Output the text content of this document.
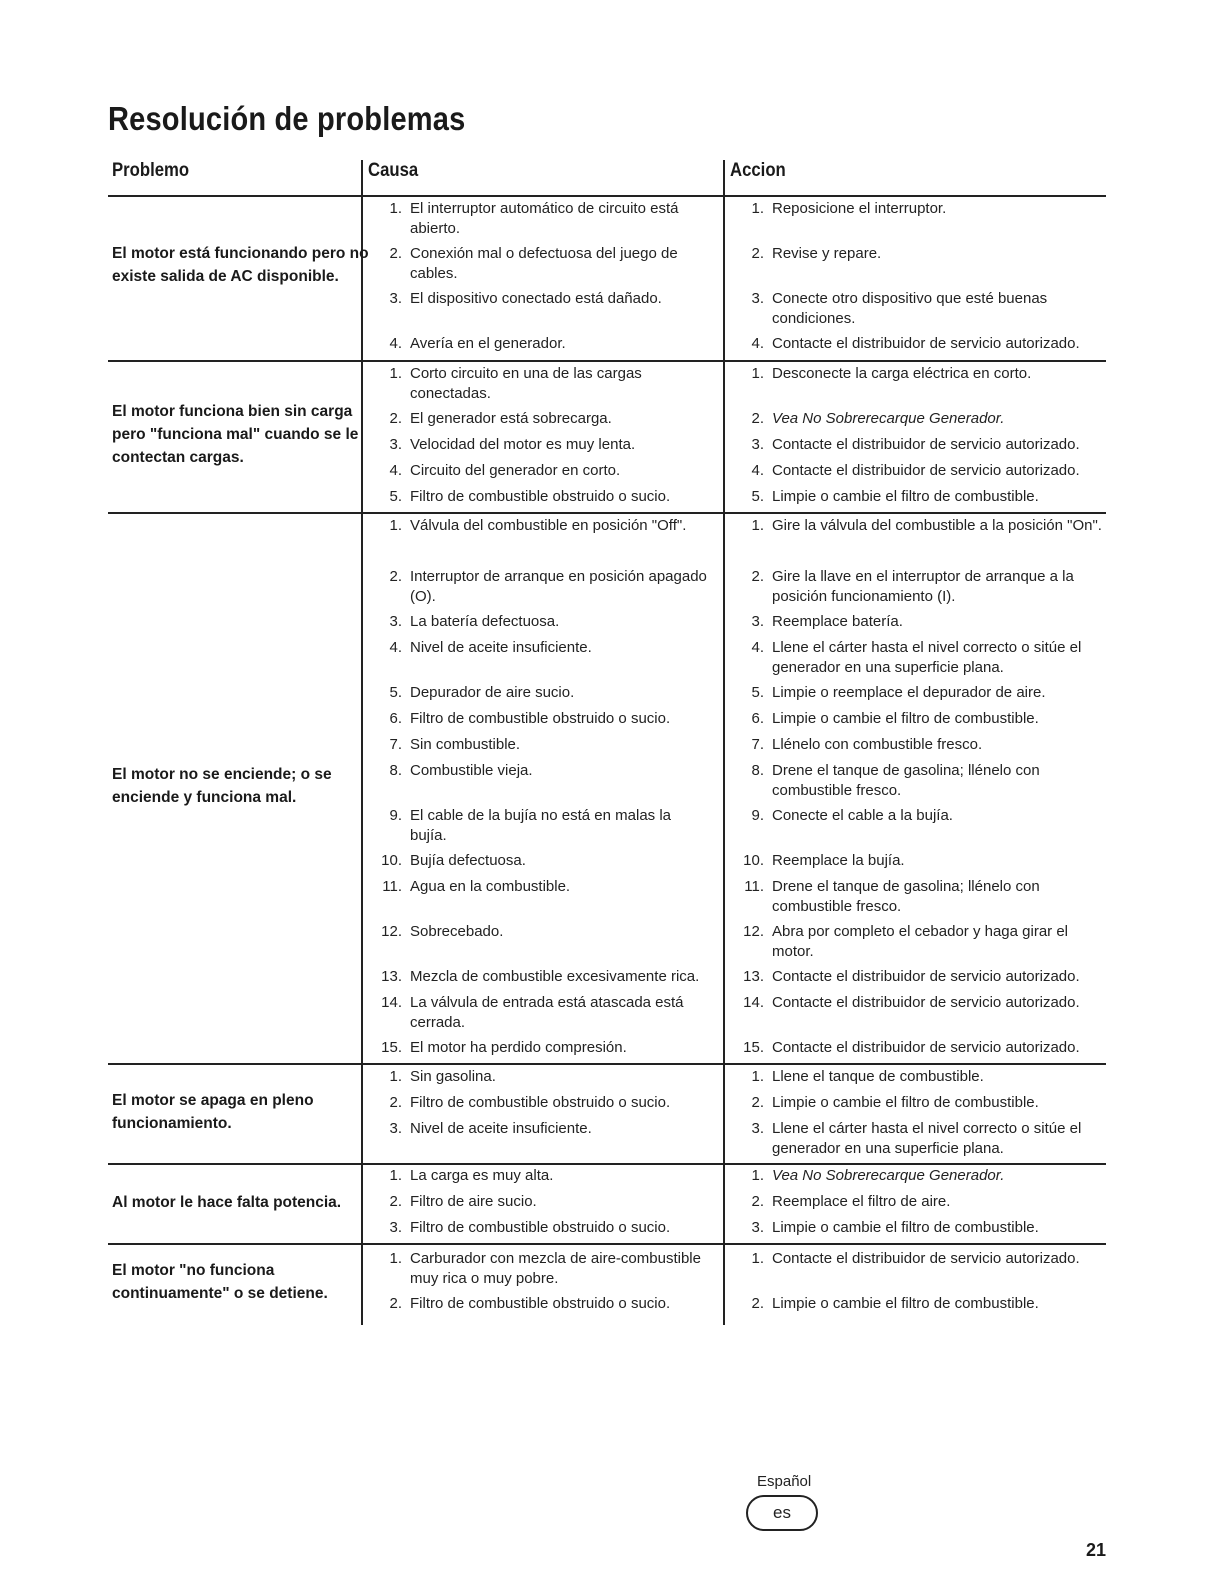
Resolución de problemas
Problemo	Causa	Accion
El motor está funcionando pero no existe salida de AC disponible.
1. El interruptor automático de circuito está abierto.
2. Conexión mal o defectuosa del juego de cables.
3. El dispositivo conectado está dañado.
4. Avería en el generador.
1. Reposicione el interruptor.
2. Revise y repare.
3. Conecte otro dispositivo que esté buenas condiciones.
4. Contacte el distribuidor de servicio autorizado.
El motor funciona bien sin carga pero "funciona mal" cuando se le contectan cargas.
1. Corto circuito en una de las cargas conectadas.
2. El generador está sobrecarga.
3. Velocidad del motor es muy lenta.
4. Circuito del generador en corto.
5. Filtro de combustible obstruido o sucio.
1. Desconecte la carga eléctrica en corto.
2. Vea No Sobrerecarque Generador.
3. Contacte el distribuidor de servicio autorizado.
4. Contacte el distribuidor de servicio autorizado.
5. Limpie o cambie el filtro de combustible.
El motor no se enciende; o se enciende y funciona mal.
1. Válvula del combustible en posición "Off".
2. Interruptor de arranque en posición apagado (O).
3. La batería defectuosa.
4. Nivel de aceite insuficiente.
5. Depurador de aire sucio.
6. Filtro de combustible obstruido o sucio.
7. Sin combustible.
8. Combustible vieja.
9. El cable de la bujía no está en malas la bujía.
10. Bujía defectuosa.
11. Agua en la combustible.
12. Sobrecebado.
13. Mezcla de combustible excesivamente rica.
14. La válvula de entrada está atascada está cerrada.
15. El motor ha perdido compresión.
1. Gire la válvula del combustible a la posición "On".
2. Gire la llave en el interruptor de arranque a la posición funcionamiento (I).
3. Reemplace batería.
4. Llene el cárter hasta el nivel correcto o sitúe el generador en una superficie plana.
5. Limpie o reemplace el depurador de aire.
6. Limpie o cambie el filtro de combustible.
7. Llénelo con combustible fresco.
8. Drene el tanque de gasolina; llénelo con combustible fresco.
9. Conecte el cable a la bujía.
10. Reemplace la bujía.
11. Drene el tanque de gasolina; llénelo con combustible fresco.
12. Abra por completo el cebador y haga girar el motor.
13. Contacte el distribuidor de servicio autorizado.
14. Contacte el distribuidor de servicio autorizado.
15. Contacte el distribuidor de servicio autorizado.
El motor se apaga en pleno funcionamiento.
1. Sin gasolina.
2. Filtro de combustible obstruido o sucio.
3. Nivel de aceite insuficiente.
1. Llene el tanque de combustible.
2. Limpie o cambie el filtro de combustible.
3. Llene el cárter hasta el nivel correcto o sitúe el generador en una superficie plana.
Al motor le hace falta potencia.
1. La carga es muy alta.
2. Filtro de aire sucio.
3. Filtro de combustible obstruido o sucio.
1. Vea No Sobrerecarque Generador.
2. Reemplace el filtro de aire.
3. Limpie o cambie el filtro de combustible.
El motor "no funciona continuamente" o se detiene.
1. Carburador con mezcla de aire-combustible muy rica o muy pobre.
2. Filtro de combustible obstruido o sucio.
1. Contacte el distribuidor de servicio autorizado.
2. Limpie o cambie el filtro de combustible.
Español
es
21
